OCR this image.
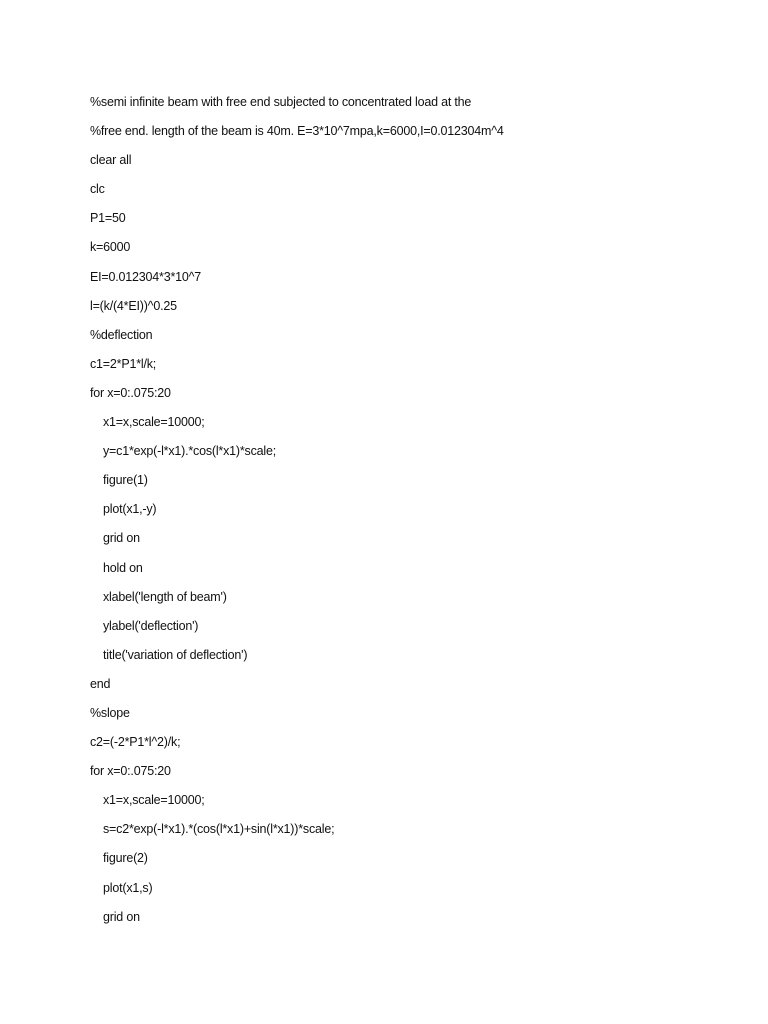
%semi infinite beam with free end subjected to concentrated load at the
%free end. length of the beam is 40m. E=3*10^7mpa,k=6000,I=0.012304m^4
clear all
clc
P1=50
k=6000
EI=0.012304*3*10^7
l=(k/(4*EI))^0.25
%deflection
c1=2*P1*l/k;
for x=0:.075:20
x1=x,scale=10000;
y=c1*exp(-l*x1).*cos(l*x1)*scale;
figure(1)
plot(x1,-y)
grid on
hold on
xlabel('length of beam')
ylabel('deflection')
title('variation of deflection')
end
%slope
c2=(-2*P1*l^2)/k;
for x=0:.075:20
x1=x,scale=10000;
s=c2*exp(-l*x1).*(cos(l*x1)+sin(l*x1))*scale;
figure(2)
plot(x1,s)
grid on
